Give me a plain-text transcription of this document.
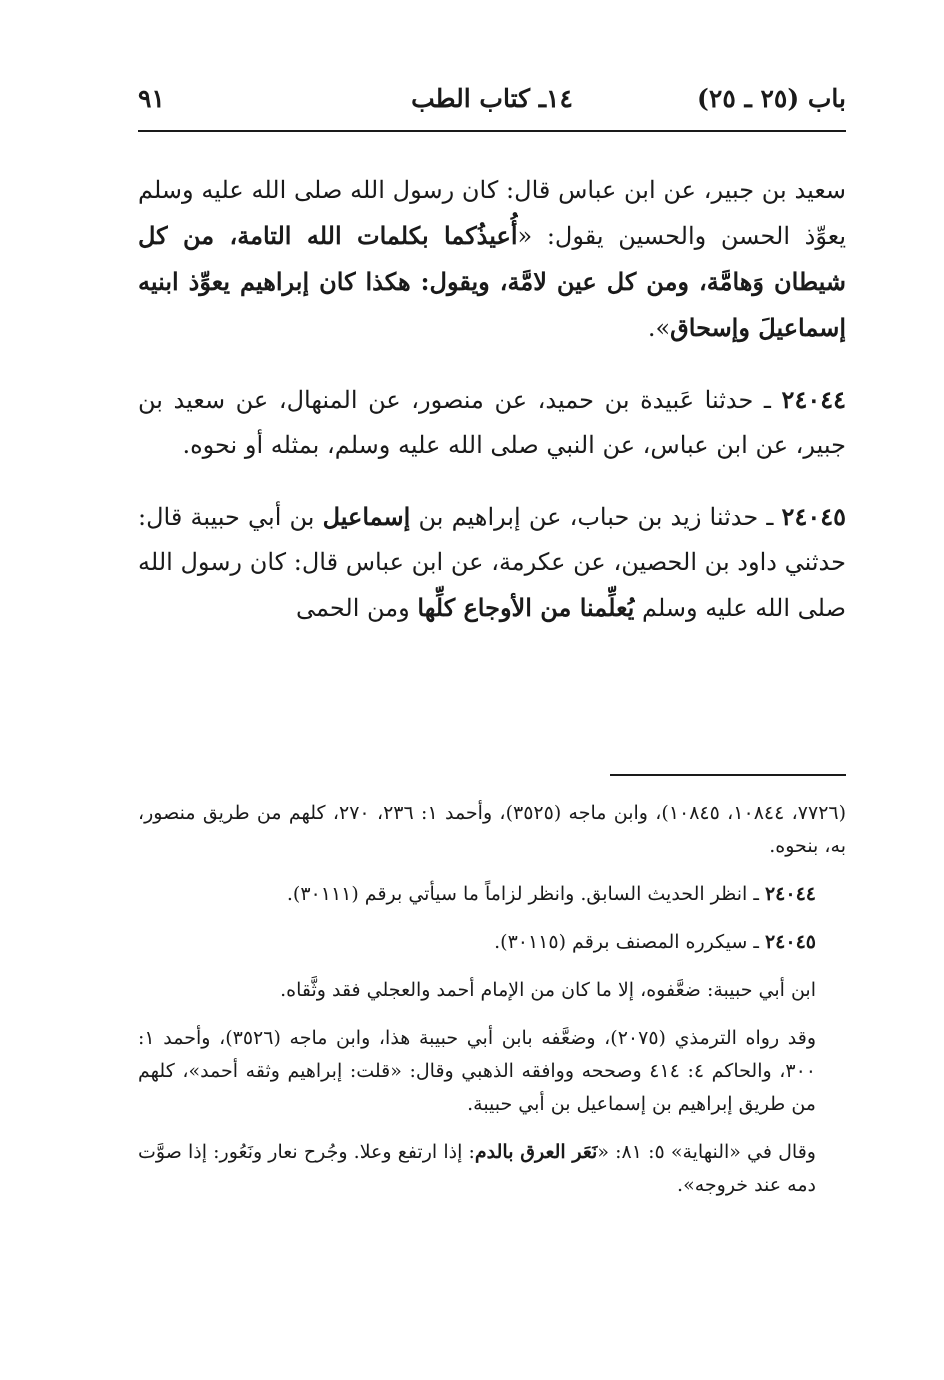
باب (٢٥ ـ ٢٥)
١٤ـ كتاب الطب
٩١

سعيد بن جبير، عن ابن عباس قال: كان رسول الله صلى الله عليه وسلم يعوِّذ الحسن والحسين يقول: «أُعيذُكما بكلمات الله التامة، من كل شيطان وَهامَّة، ومن كل عين لامَّة، ويقول: هكذا كان إبراهيم يعوِّذ ابنيه إسماعيلَ وإسحاق».

٢٤٠٤٤ ـ حدثنا عَبيدة بن حميد، عن منصور، عن المنهال، عن سعيد بن جبير، عن ابن عباس، عن النبي صلى الله عليه وسلم، بمثله أو نحوه.

٢٤٠٤٥ ـ حدثنا زيد بن حباب، عن إبراهيم بن إسماعيل بن أبي حبيبة قال: حدثني داود بن الحصين، عن عكرمة، عن ابن عباس قال: كان رسول الله صلى الله عليه وسلم يُعلِّمنا من الأوجاع كلِّها ومن الحمى

(٧٧٢٦، ١٠٨٤٤، ١٠٨٤٥)، وابن ماجه (٣٥٢٥)، وأحمد ١: ٢٣٦، ٢٧٠، كلهم من طريق منصور، به، بنحوه.

٢٤٠٤٤ ـ انظر الحديث السابق. وانظر لزاماً ما سيأتي برقم (٣٠١١١).

٢٤٠٤٥ ـ سيكرره المصنف برقم (٣٠١١٥).

ابن أبي حبيبة: ضعَّفوه، إلا ما كان من الإمام أحمد والعجلي فقد وثَّقاه.

وقد رواه الترمذي (٢٠٧٥)، وضعَّفه بابن أبي حبيبة هذا، وابن ماجه (٣٥٢٦)، وأحمد ١: ٣٠٠، والحاكم ٤: ٤١٤ وصححه ووافقه الذهبي وقال: «قلت: إبراهيم وثقه أحمد»، كلهم من طريق إبراهيم بن إسماعيل بن أبي حبيبة.

وقال في «النهاية» ٥: ٨١: «نَعَر العرق بالدم: إذا ارتفع وعلا. وجُرح نعار ونَعُور: إذا صوَّت دمه عند خروجه».
